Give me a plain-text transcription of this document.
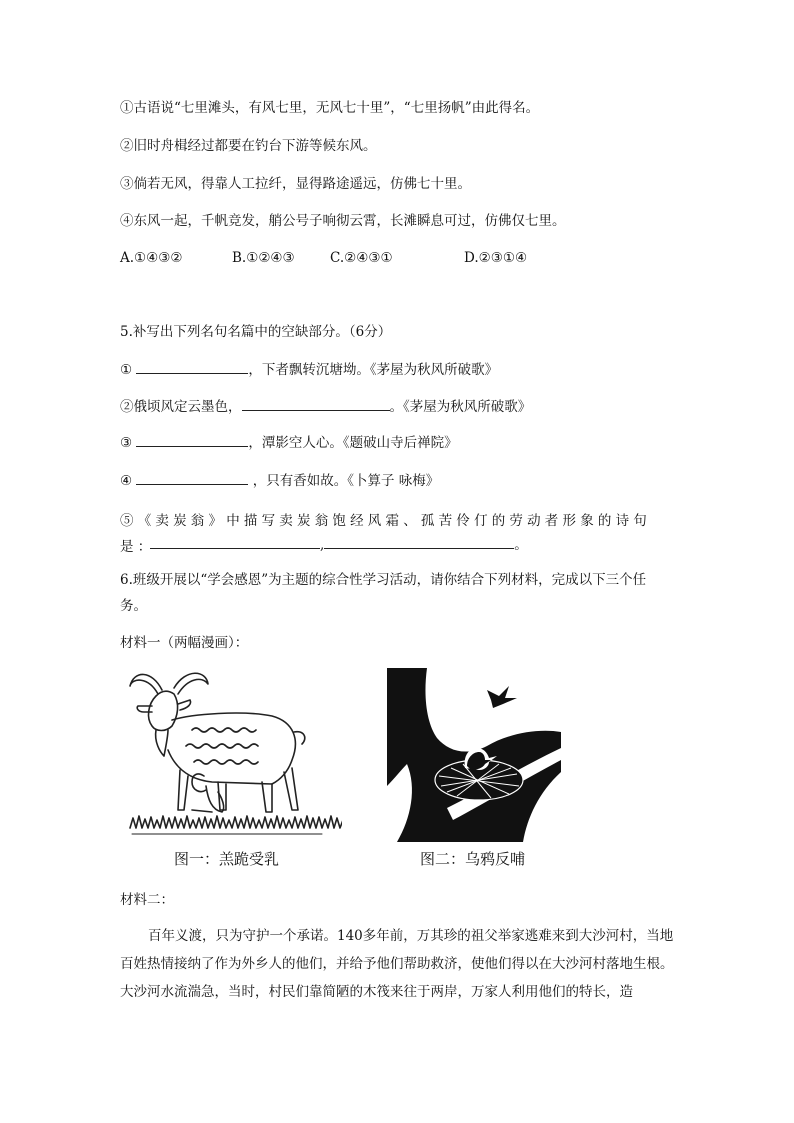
①古语说“七里滩头，有风七里，无风七十里”，“七里扬帆”由此得名。
②旧时舟楫经过都要在钓台下游等候东风。
③倘若无风，得靠人工拉纤，显得路途遥远，仿佛七十里。
④东风一起，千帆竞发，艄公号子响彻云霄，长滩瞬息可过，仿佛仅七里。
A.①④③②	B.①②④③	C.②④③①	D.②③①④
5.补写出下列名句名篇中的空缺部分。（6分）
①	，下者飘转沉塘坳。《茅屋为秋风所破歌》
②俄顷风定云墨色，	。《茅屋为秋风所破歌》
③	，潭影空人心。《题破山寺后禅院》
④	，只有香如故。《卜算子 咏梅》
⑤《卖炭翁》中描写卖炭翁饱经风霜、孤苦伶仃的劳动者形象的诗句是：	,	。
6.班级开展以“学会感恩”为主题的综合性学习活动，请你结合下列材料，完成以下三个任
务。
材料一（两幅漫画）：
图一：羔跪受乳	图二：乌鸦反哺
材料二：
百年义渡，只为守护一个承诺。140多年前，万其珍的祖父举家逃难来到大沙河村，当地百姓热情接纳了作为外乡人的他们，并给予他们帮助救济，使他们得以在大沙河村落地生根。大沙河水流湍急，当时，村民们靠简陋的木筏来往于两岸，万家人利用他们的特长，造
